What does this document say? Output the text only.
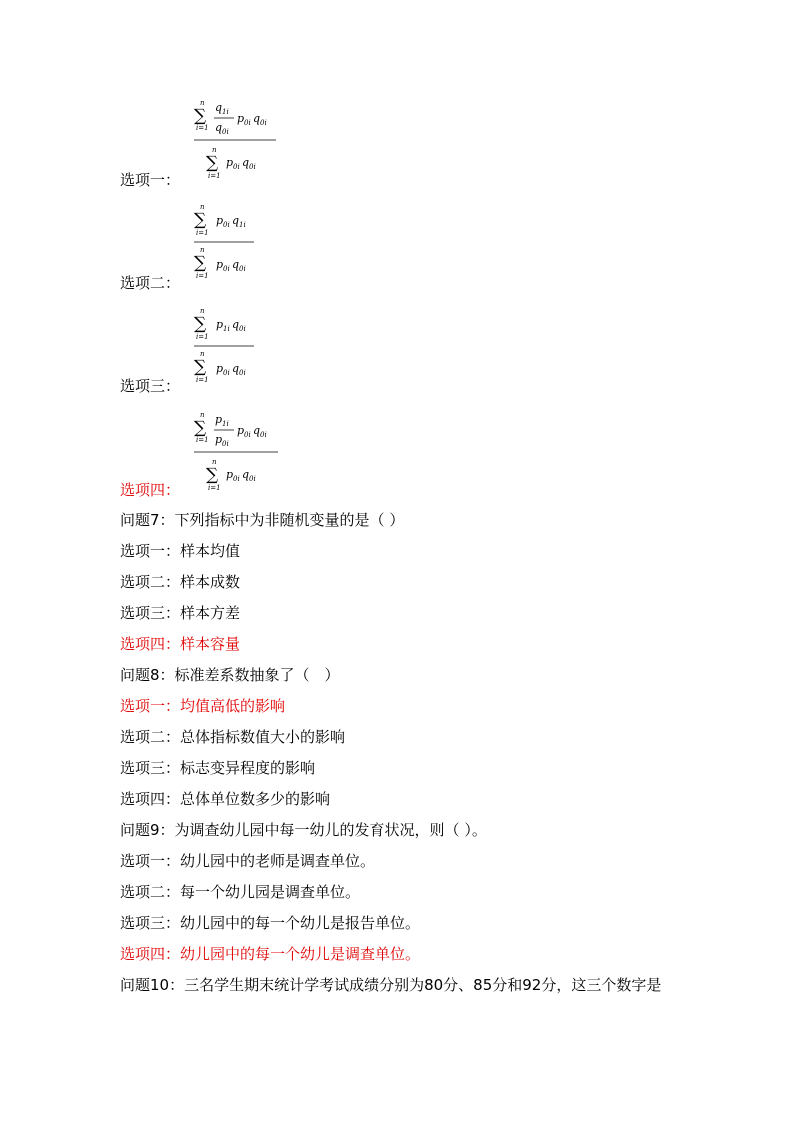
n
∑
i=1
q 1i
q 0i
p 0i q 0i
n
∑
i=1
p 0i q 0i
选项一：
n
∑
i=1
p 0i q 1i
n
∑
i=1
p 0i q 0i
选项二：
n
∑
i=1
p 1i q 0i
n
∑
i=1
p 0i q 0i
选项三：
n
∑
i=1
p 1i
p 0i
p 0i q 0i
n
∑
i=1
p 0i q 0i
选项四：
问题7：下列指标中为非随机变量的是（ ）
选项一：样本均值
选项二：样本成数
选项三：样本方差
选项四：样本容量
问题8：标准差系数抽象了（　）
选项一：均值高低的影响
选项二：总体指标数值大小的影响
选项三：标志变异程度的影响
选项四：总体单位数多少的影响
问题9：为调查幼儿园中每一幼儿的发育状况，则（ ）。
选项一：幼儿园中的老师是调查单位。
选项二：每一个幼儿园是调查单位。
选项三：幼儿园中的每一个幼儿是报告单位。
选项四：幼儿园中的每一个幼儿是调查单位。
问题10：三名学生期末统计学考试成绩分别为80分、85分和92分，这三个数字是
